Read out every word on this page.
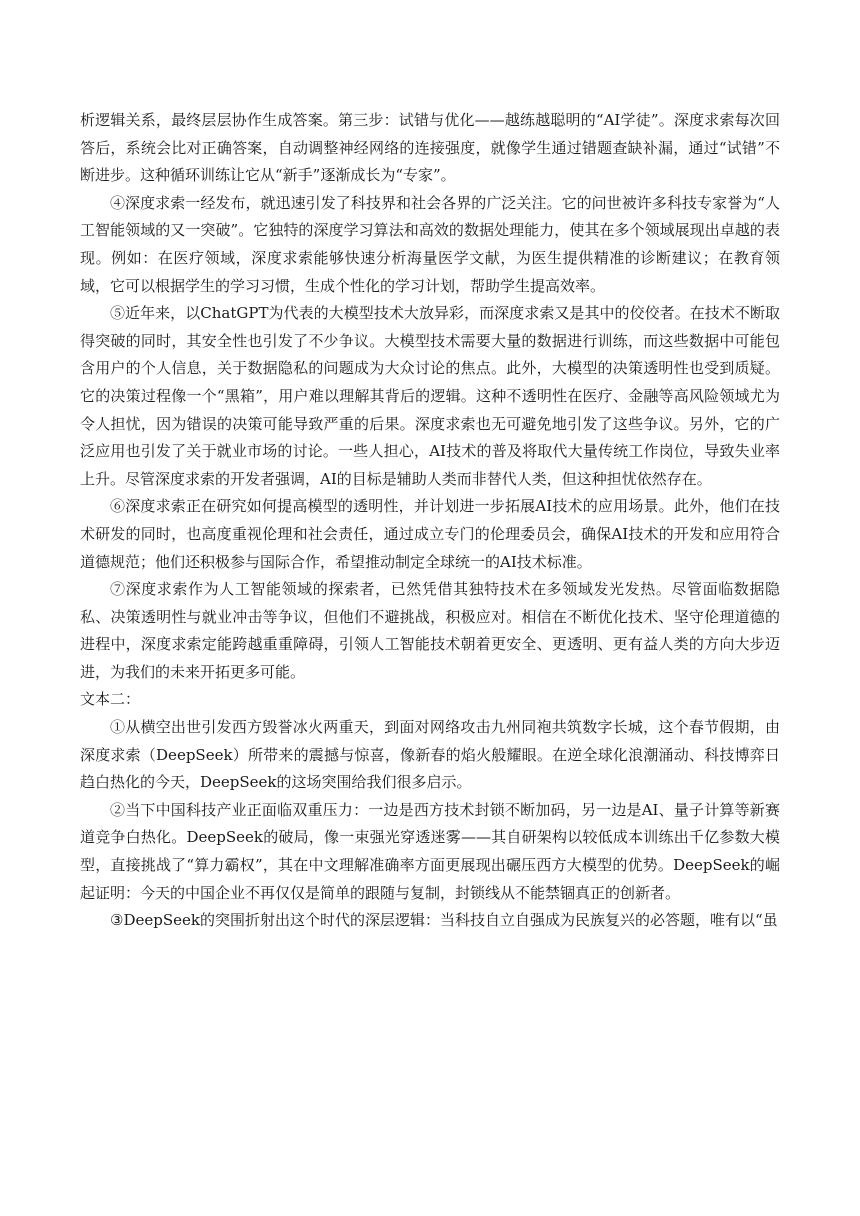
析逻辑关系，最终层层协作生成答案。第三步：试错与优化——越练越聪明的“AI学徒”。深度求索每次回答后，系统会比对正确答案，自动调整神经网络的连接强度，就像学生通过错题查缺补漏，通过“试错”不断进步。这种循环训练让它从“新手”逐渐成长为“专家”。

④深度求索一经发布，就迅速引发了科技界和社会各界的广泛关注。它的问世被许多科技专家誉为“人工智能领域的又一突破”。它独特的深度学习算法和高效的数据处理能力，使其在多个领域展现出卓越的表现。例如：在医疗领域，深度求索能够快速分析海量医学文献，为医生提供精准的诊断建议；在教育领域，它可以根据学生的学习习惯，生成个性化的学习计划，帮助学生提高效率。

⑤近年来，以ChatGPT为代表的大模型技术大放异彩，而深度求索又是其中的佼佼者。在技术不断取得突破的同时，其安全性也引发了不少争议。大模型技术需要大量的数据进行训练，而这些数据中可能包含用户的个人信息，关于数据隐私的问题成为大众讨论的焦点。此外，大模型的决策透明性也受到质疑。它的决策过程像一个“黑箱”，用户难以理解其背后的逻辑。这种不透明性在医疗、金融等高风险领域尤为令人担忧，因为错误的决策可能导致严重的后果。深度求索也无可避免地引发了这些争议。另外，它的广泛应用也引发了关于就业市场的讨论。一些人担心，AI技术的普及将取代大量传统工作岗位，导致失业率上升。尽管深度求索的开发者强调，AI的目标是辅助人类而非替代人类，但这种担忧依然存在。

⑥深度求索正在研究如何提高模型的透明性，并计划进一步拓展AI技术的应用场景。此外，他们在技术研发的同时，也高度重视伦理和社会责任，通过成立专门的伦理委员会，确保AI技术的开发和应用符合道德规范；他们还积极参与国际合作，希望推动制定全球统一的AI技术标准。

⑦深度求索作为人工智能领域的探索者，已然凭借其独特技术在多领域发光发热。尽管面临数据隐私、决策透明性与就业冲击等争议，但他们不避挑战，积极应对。相信在不断优化技术、坚守伦理道德的进程中，深度求索定能跨越重重障碍，引领人工智能技术朝着更安全、更透明、更有益人类的方向大步迈进，为我们的未来开拓更多可能。

文本二：

①从横空出世引发西方毁誉冰火两重天，到面对网络攻击九州同袍共筑数字长城，这个春节假期，由深度求索（DeepSeek）所带来的震撼与惊喜，像新春的焰火般耀眼。在逆全球化浪潮涌动、科技博弈日趋白热化的今天，DeepSeek的这场突围给我们很多启示。

②当下中国科技产业正面临双重压力：一边是西方技术封锁不断加码，另一边是AI、量子计算等新赛道竞争白热化。DeepSeek的破局，像一束强光穿透迷雾——其自研架构以较低成本训练出千亿参数大模型，直接挑战了“算力霸权”，其在中文理解准确率方面更展现出碾压西方大模型的优势。DeepSeek的崛起证明：今天的中国企业不再仅仅是简单的跟随与复制，封锁线从不能禁锢真正的创新者。

③DeepSeek的突围折射出这个时代的深层逻辑：当科技自立自强成为民族复兴的必答题，唯有以“虽
